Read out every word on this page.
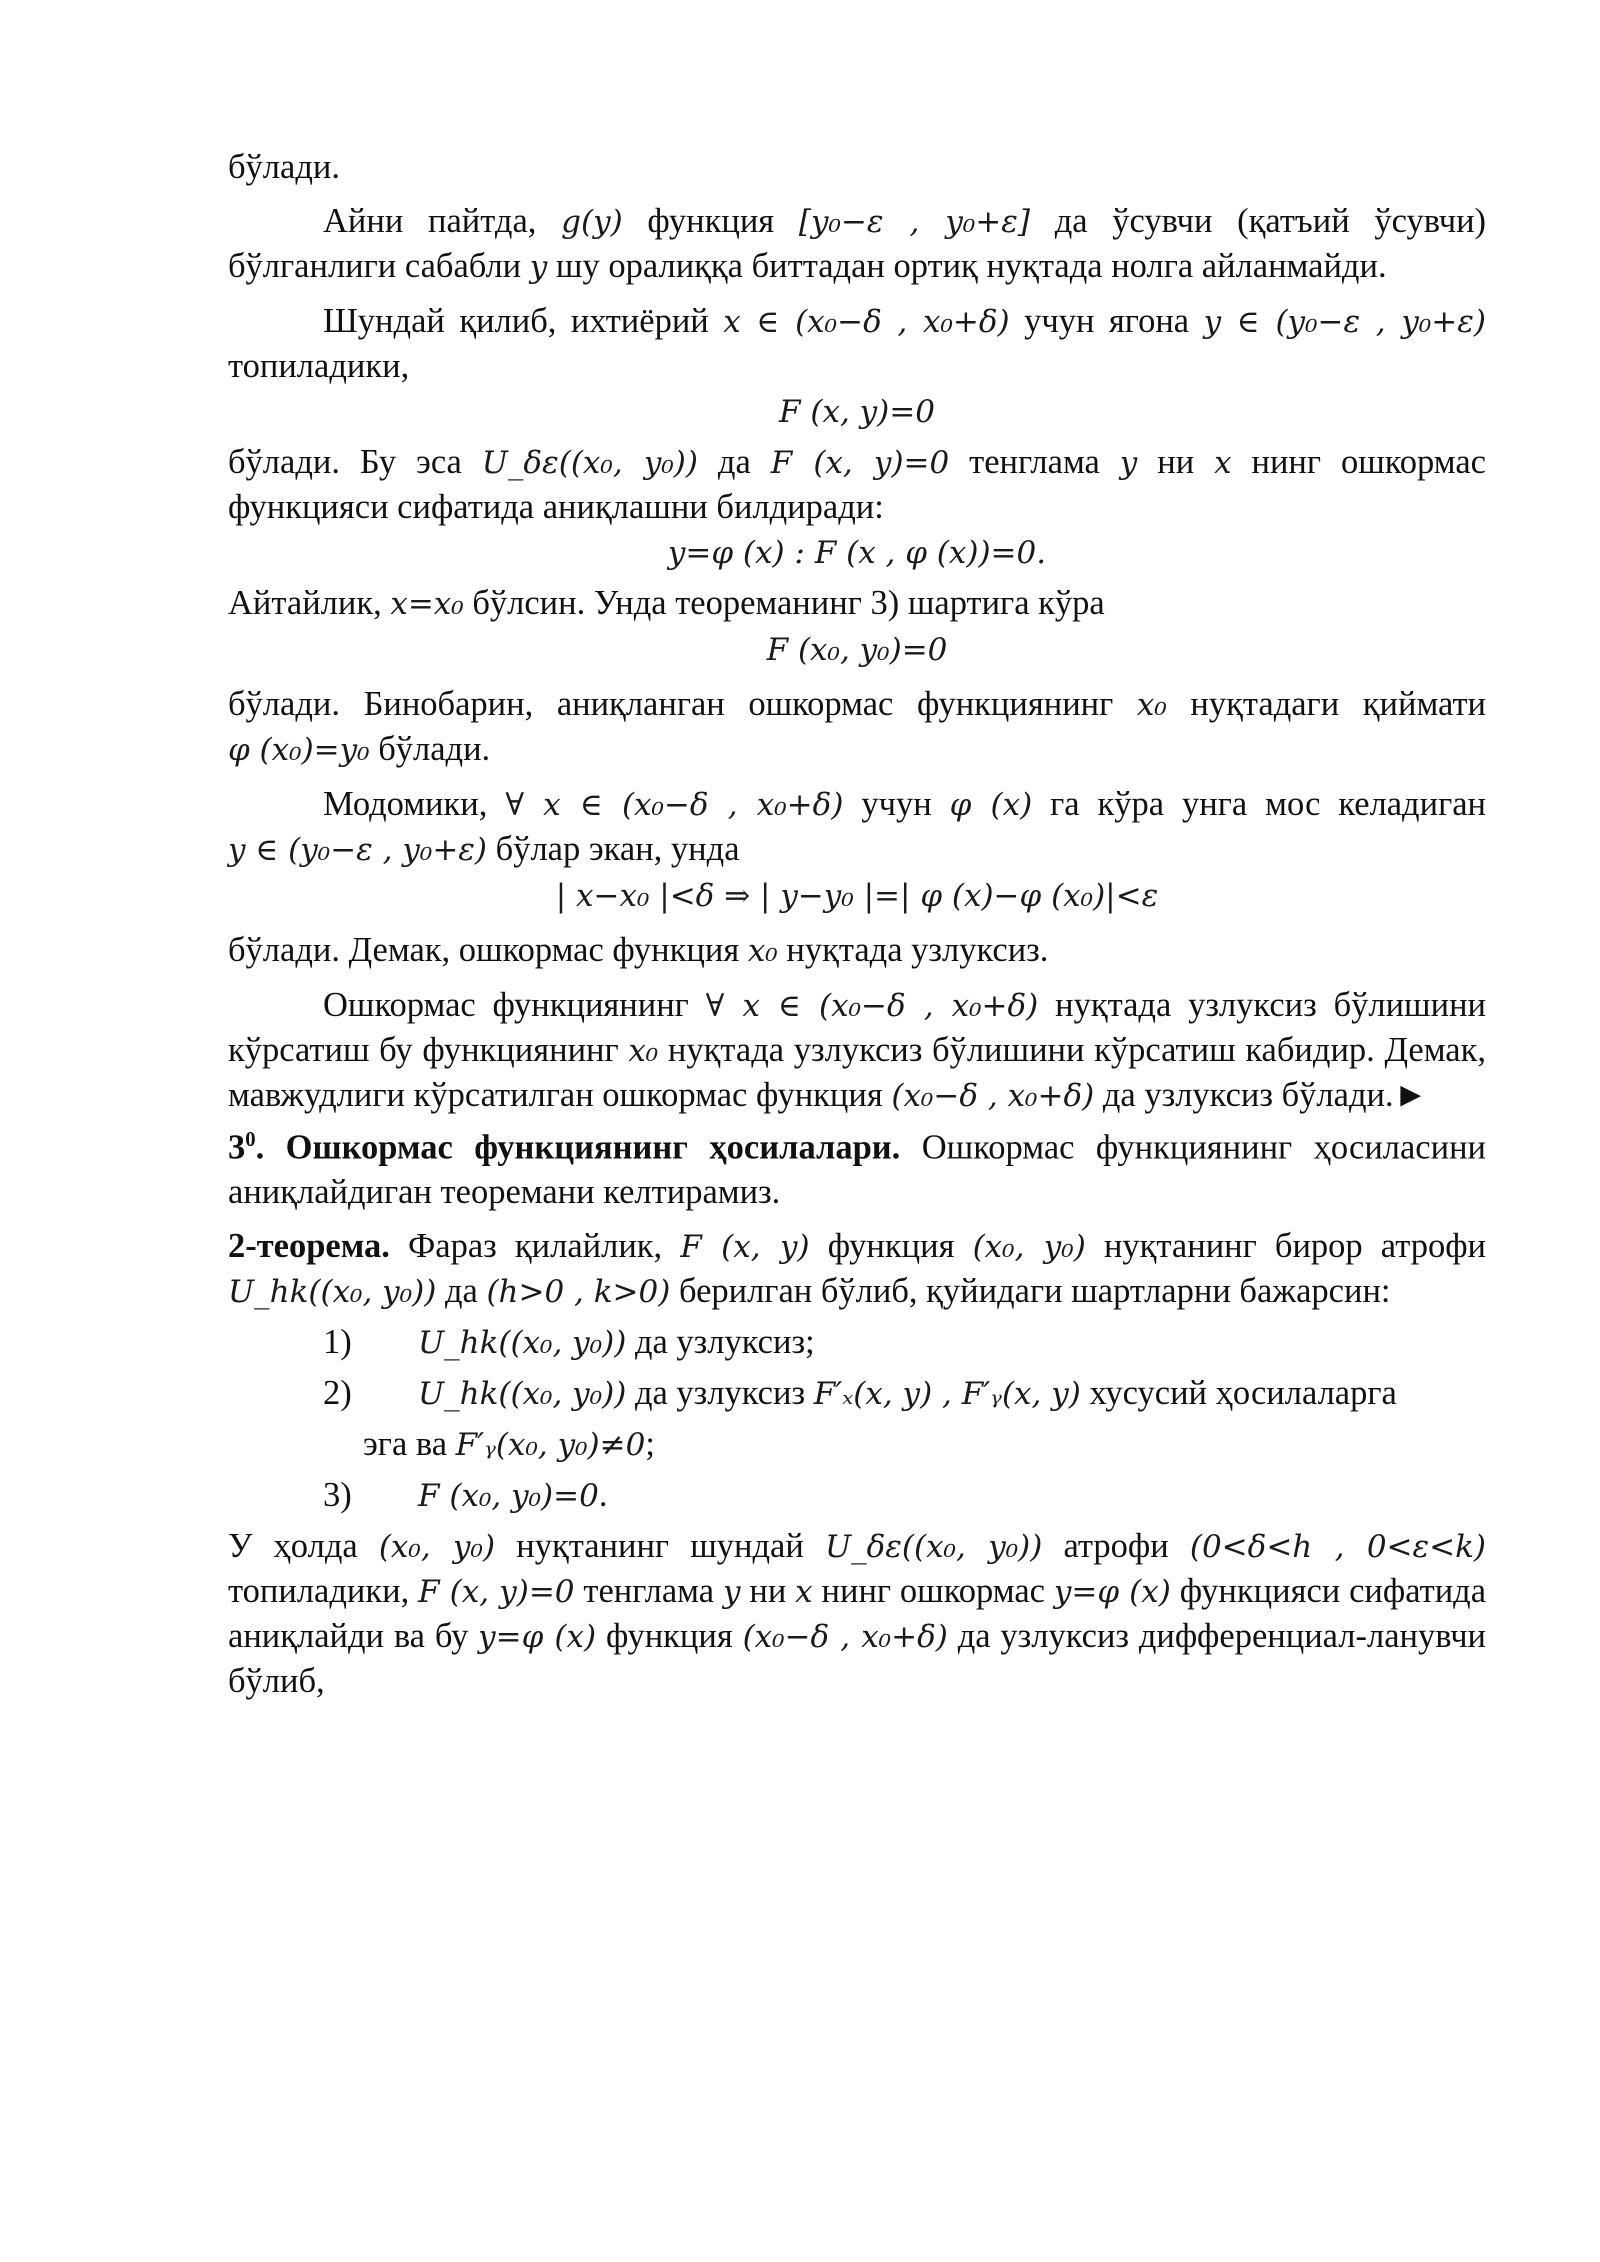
бўлади.

Айни пайтда, g(y) функция [y₀−ε , y₀+ε] да ўсувчи (қатъий ўсувчи) бўлганлиги сабабли y шу оралиққа биттадан ортиқ нуқтада нолга айланмайди.

Шундай қилиб, ихтиёрий x ∈ (x₀−δ , x₀+δ) учун ягона y ∈ (y₀−ε , y₀+ε) топиладики,

F (x, y)=0

бўлади. Бу эса U_δε((x₀, y₀)) да F (x, y)=0 тенглама y ни x нинг ошкормас функцияси сифатида аниқлашни билдиради:

y=φ (x) : F (x , φ (x))=0.

Айтайлик, x=x₀ бўлсин. Унда теореманинг 3) шартига кўра

F (x₀, y₀)=0

бўлади. Бинобарин, аниқланган ошкормас функциянинг x₀ нуқтадаги қиймати φ (x₀)=y₀ бўлади.

Модомики, ∀ x ∈ (x₀−δ , x₀+δ) учун φ (x) га кўра унга мос келадиган y ∈ (y₀−ε , y₀+ε) бўлар экан, унда

| x−x₀ |<δ ⇒ | y−y₀ |=| φ (x)−φ (x₀)|<ε

бўлади. Демак, ошкормас функция x₀ нуқтада узлуксиз.

Ошкормас функциянинг ∀ x ∈ (x₀−δ , x₀+δ) нуқтада узлуксиз бўлишини кўрсатиш бу функциянинг x₀ нуқтада узлуксиз бўлишини кўрсатиш кабидир. Демак, мавжудлиги кўрсатилган ошкормас функция (x₀−δ , x₀+δ) да узлуксиз бўлади.►

$3^0$. Ошкормас функциянинг ҳосилалари. Ошкормас функциянинг ҳосиласини аниқлайдиган теоремани келтирамиз.

2-теорема. Фараз қилайлик, F (x, y) функция (x₀, y₀) нуқтанинг бирор атрофи U_hk((x₀, y₀)) да (h>0 , k>0) берилган бўлиб, қуйидаги шартларни бажарсин:

1)	U_hk((x₀, y₀)) да узлуксиз;
2)	U_hk((x₀, y₀)) да узлуксиз F′ₓ(x, y) , F′ᵧ(x, y) хусусий ҳосилаларга
эга ва F′ᵧ(x₀, y₀)≠0;
3)	F (x₀, y₀)=0.

У ҳолда (x₀, y₀) нуқтанинг шундай U_δε((x₀, y₀)) атрофи (0<δ<h , 0<ε<k) топиладики, F (x, y)=0 тенглама y ни x нинг ошкормас y=φ (x) функцияси сифатида аниқлайди ва бу y=φ (x) функция (x₀−δ , x₀+δ) да узлуксиз дифференциал-ланувчи бўлиб,
